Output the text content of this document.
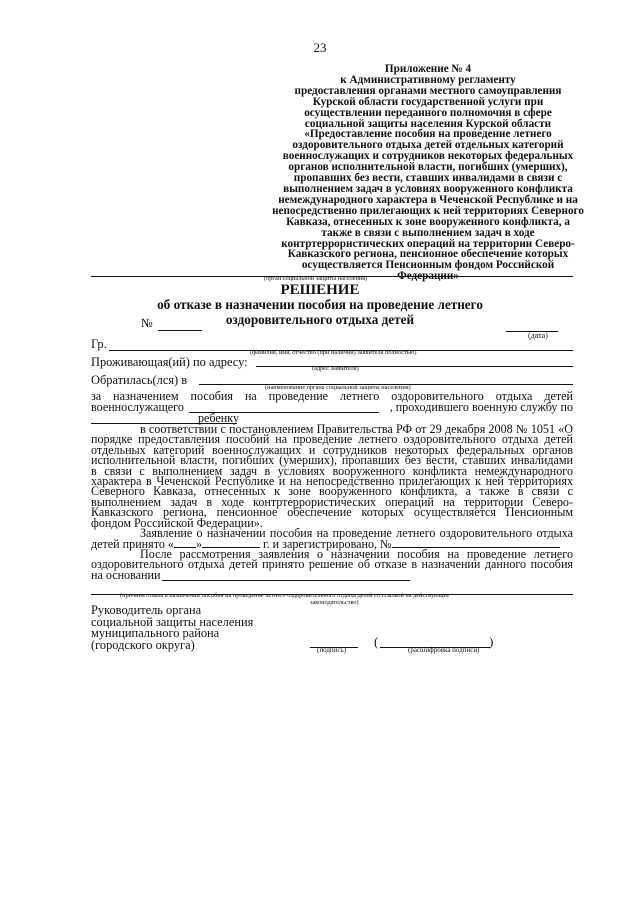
23
Приложение № 4
к Административному регламенту
предоставления органами местного самоуправления
Курской области государственной услуги при
осуществлении переданного полномочия в сфере
социальной защиты населения Курской области
«Предоставление пособия на проведение летнего
оздоровительного отдыха детей отдельных категорий
военнослужащих и сотрудников некоторых федеральных
органов исполнительной власти, погибших (умерших),
пропавших без вести, ставших инвалидами в связи с
выполнением задач в условиях вооруженного конфликта
немеждународного характера в Чеченской Республике и на
непосредственно прилегающих к ней территориях Северного
Кавказа, отнесенных к зоне вооруженного конфликта, а
также в связи с выполнением задач в ходе
контртеррористических операций на территории Северо-
Кавказского региона, пенсионное обеспечение которых
осуществляется Пенсионным фондом Российской
Федерации»
(орган социальной защиты населения)
РЕШЕНИЕ
об отказе в назначении пособия на проведение летнего
оздоровительного отдыха детей
№
(дата)
Гр.
(фамилия, имя, отчество (при наличии) заявителя полностью)
Проживающая(ий) по адресу:	(адрес заявителя)
Обратилась(лся) в
(наименование органа социальной защиты населения)
за назначением пособия на проведение летнего оздоровительного отдыха детей
военнослужащего	, проходившего военную службу по
ребенку
в соответствии с постановлением Правительства РФ от 29 декабря 2008 № 1051 «О
порядке предоставления пособий на проведение летнего оздоровительного отдыха детей
отдельных категорий военнослужащих и сотрудников некоторых федеральных органов
исполнительной власти, погибших (умерших), пропавших без вести, ставших инвалидами
в связи с выполнением задач в условиях вооруженного конфликта немеждународного
характера в Чеченской Республике и на непосредственно прилегающих к ней территориях
Северного Кавказа, отнесенных к зоне вооруженного конфликта, а также в связи с
выполнением задач в ходе контртеррористических операций на территории Северо-
Кавказского региона, пенсионное обеспечение которых осуществляется Пенсионным
фондом Российской Федерации».
Заявление о назначении пособия на проведение летнего оздоровительного отдыха
детей принято « »	г. и зарегистрировано, №
После рассмотрения заявления о назначении пособия на проведение летнего
оздоровительного отдыха детей принято решение об отказе в назначении данного пособия
на основании
(причина отказа в назначении пособия на проведение летнего оздоровительного отдыха детей со ссылкой на действующее
законодательство)
Руководитель органа
социальной защиты населения
муниципального района
(городского округа)	(подпись)
(	)
(расшифровка подписи)
